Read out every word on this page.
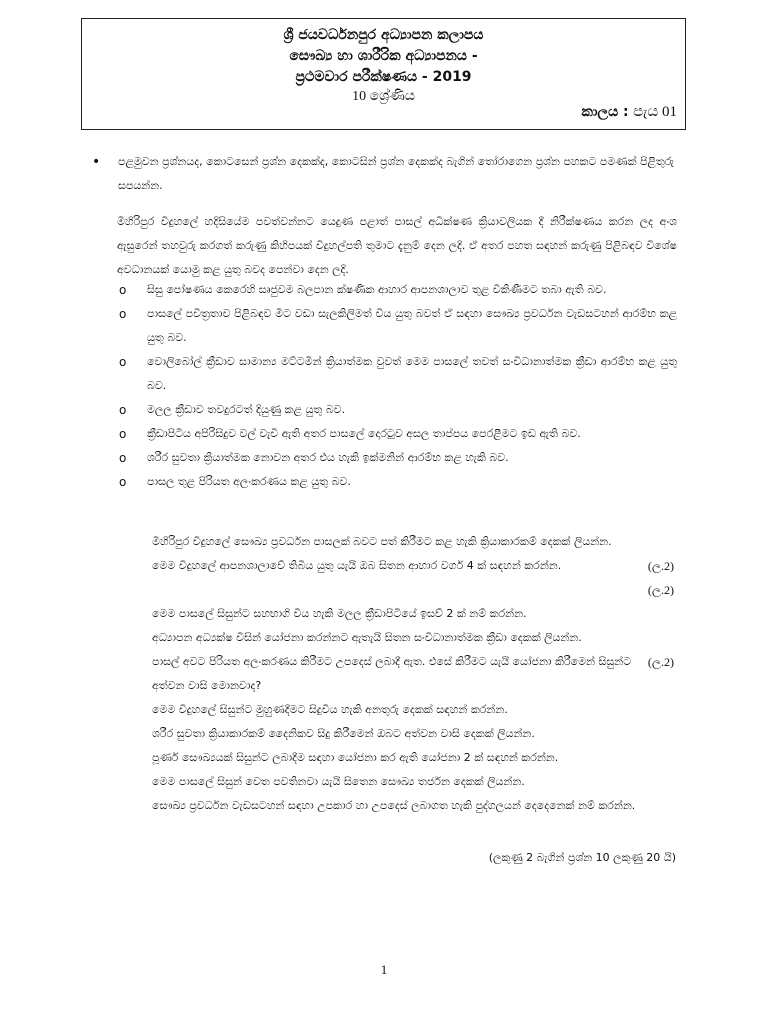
ශ්‍රී ජයවර්ධනපුර අධ්‍යාපන කලාපය
සෞඛ්‍ය හා ශාරීරික අධ්‍යාපනය -
ප්‍රථමවාර පරීක්ෂණය - 2019
10 ශ්‍රේණිය
කාලය : පැය 01
• පළමුවන ප්‍රශ්නයද, කොටසෙන් ප්‍රශ්න දෙකක්ද, කොටසින් ප්‍රශ්න දෙකක්ද බැගින් තෝරාගෙන ප්‍රශ්න පහකට පමණක් පිළිතුරු සපයන්න.
මිහිරිපුර විදුහලේ හදිසියේම පවත්වන්නට යෙදුණ පළාත් පාසල් අධීක්ෂණ ක්‍රියාවලියක දී නිරීක්ෂණය කරන ලද අංශ ඇසුරෙන් තහවුරු කරගත් කරුණු කිහිපයක් විදුහල්පති තුමාට දැනුම් දෙන ලදි. ඒ අතර පහත සඳහන් කරුණු පිළිබඳව විශේෂ අවධානයක් යොමු කළ යුතු බවද පෙන්වා දෙන ලදි.
o සිසු පෝෂණය කෙරෙහි සෘජුවම බලපාන ක්ෂණික ආහාර ආපනශාලාව තුළ විකිණීමට තබා ඇති බව.
o පාසලේ පවිත්‍රතාව පිළිබඳව මීට වඩා සැලකිලිමත් විය යුතු බවත් ඒ සඳහා සෞඛ්‍ය ප්‍රවර්ධන වැඩසටහන් ආරම්භ කළ යුතු බව.
o වොලිබෝල් ක්‍රීඩාව සාමාන්‍ය මට්ටමින් ක්‍රියාත්මක වුවත් මෙම පාසලේ තවත් සංවිධානාත්මක ක්‍රීඩා ආරම්භ කළ යුතු බව.
o මලල ක්‍රීඩාව තවදුරටත් දියුණු කළ යුතු බව.
o ක්‍රීඩාපිටිය අපිරිසිදුව වල් වැවී ඇති අතර පාසලේ දොරටුව අසල තාප්පය පෙරළීමට ඉඩ ඇති බව.
o ශරීර සුවතා ක්‍රියාත්මක නොවන අතර එය හැකි ඉක්මනින් ආරම්භ කළ හැකි බව.
o පාසල තුළ පිරියත අලංකරණය කළ යුතු බව.
(ල.2)
මිහිරිපුර විදුහලේ සෞඛ්‍ය ප්‍රවර්ධන පාසලක් බවට පත් කිරීමට කළ හැකි ක්‍රියාකාරකම් දෙකක් ලියන්න.
මෙම විදුහලේ ආපනශාලාවේ තිබිය යුතු යැයි ඔබ සිතන ආහාර වර්ග 4 ක් සඳහන් කරන්න.
(ල.2)
මෙම පාසලේ සිසුන්ට සහභාගි විය හැකි මලල ක්‍රීඩාපිටියේ ඉසව් 2 ක් නම් කරන්න.
(ල.2)
අධ්‍යාපන අධ්‍යක්ෂ විසින් යෝජනා කරන්නට ඇතැයි සිතන සංවිධානාත්මක ක්‍රීඩා දෙකක් ලියන්න.
පාසල් අවට පිරියත අලංකරණය කිරීමට උපදෙස් ලබාදී ඇත. එසේ කිරීමට යැයි යෝජනා කිරීමෙන් සිසුන්ට අත්වන වාසි මොනවාද?
මෙම විදුහලේ සිසුන්ට මුහුණදීමට සිදුවිය හැකි අනතුරු දෙකක් සඳහන් කරන්න.
ශරීර සුවතා ක්‍රියාකාරකම් දෛනිකව සිදු කිරීමෙන් ඔබට අත්වන වාසි දෙකක් ලියන්න.
පූර්ණ සෞඛ්‍යයක් සිසුන්ට ලබාදීම සඳහා යෝජනා කර ඇති යෝජනා 2 ක් සඳහන් කරන්න.
මෙම පාසලේ සිසුන් වෙත පවතිනවා යැයි සිතෙන සෞඛ්‍ය තර්ජන දෙකක් ලියන්න.
සෞඛ්‍ය ප්‍රවර්ධන වැඩසටහන් සඳහා උපකාර හා උපදෙස් ලබාගත හැකි පුද්ගලයන් දෙදෙනෙක් නම් කරන්න.
(ලකුණු 2 බැගින් ප්‍රශ්න 10 ලකුණු 20 යි)
1
